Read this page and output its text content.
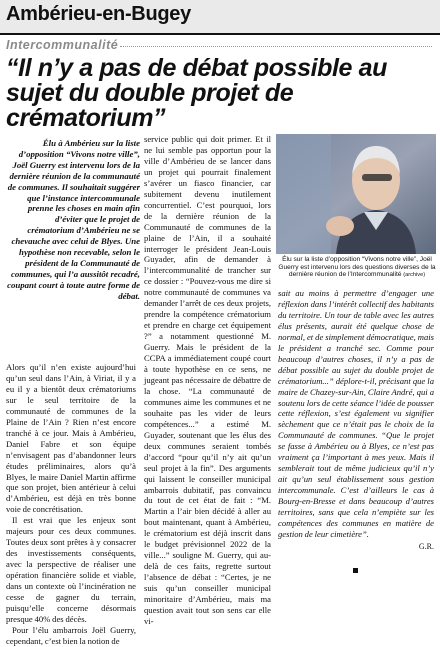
Ambérieu-en-Bugey
Intercommunalité
“Il n’y a pas de débat possible au sujet du double projet de crématorium”
Élu à Ambérieu sur la liste d’opposition “Vivons notre ville”, Joël Guerry est intervenu lors de la dernière réunion de la communauté de communes. Il souhaitait suggérer que l’instance intercommunale prenne les choses en main afin d’éviter que le projet de crématorium d’Ambérieu ne se chevauche avec celui de Blyes. Une hypothèse non recevable, selon le président de la Communauté de communes, qui l’a aussitôt recadré, coupant court à toute autre forme de débat.
Élu sur la liste d’opposition “Vivons notre ville”, Joël Guerry est intervenu lors des questions diverses de la dernière réunion de l’Intercommunalité (archive)

Alors qu’il n’en existe aujourd’hui qu’un seul dans l’Ain, à Viriat, il y a eu il y a bientôt deux crématoriums sur le seul territoire de la communauté de communes de la Plaine de l’Ain ? Rien n’est encore tranché à ce jour. Mais à Ambérieu, Daniel Fabre et son équipe n’envisagent pas d’abandonner leurs études préliminaires, alors qu’à Blyes, le maire Daniel Martin affirme que son projet, bien antérieur à celui d’Ambérieu, est déjà en très bonne voie de concrétisation.

Il est vrai que les enjeux sont majeurs pour ces deux communes. Toutes deux sont prêtes à y consacrer des investissements conséquents, avec la perspective de réaliser une opération financière solide et viable, dans un contexte où l’incinération ne cesse de gagner du terrain, puisqu’elle concerne désormais presque 40% des décès.

Pour l’élu ambarrois Joël Guerry, cependant, c’est bien la notion de

service public qui doit primer. Et il ne lui semble pas opportun pour la ville d’Ambérieu de se lancer dans un projet qui pourrait finalement s’avérer un fiasco financier, car subitement devenu inutilement concurrentiel. C’est pourquoi, lors de la dernière réunion de la Communauté de communes de la plaine de l’Ain, il a souhaité interroger le président Jean-Louis Guyader, afin de demander à l’intercommunalité de trancher sur ce dossier : “Pouvez-vous me dire si notre communauté de communes va demander l’arrêt de ces deux projets, prendre la compétence crématorium et prendre en charge cet équipement ?” a notamment questionné M. Guerry. Mais le président de la CCPA a immédiatement coupé court à toute hypothèse en ce sens, ne jugeant pas nécessaire de débattre de la chose. “La communauté de communes aime les communes et ne souhaite pas les vider de leurs compétences...” a estimé M. Guyader, soutenant que les élus des deux communes seraient tombés d’accord “pour qu’il n’y ait qu’un seul projet à la fin”. Des arguments qui laissent le conseiller municipal ambarrois dubitatif, pas convaincu du tout de cet état de fait : “M. Martin a l’air bien décidé à aller au bout maintenant, quant à Ambérieu, le crématorium est déjà inscrit dans le budget prévisionnel 2022 de la ville...” souligne M. Guerry, qui au-delà de ces faits, regrette surtout l’absence de débat : “Certes, je ne suis qu’un conseiller municipal minoritaire d’Ambérieu, mais ma question avait tout son sens car elle vi-

sait au moins à permettre d’engager une réflexion dans l’intérêt collectif des habitants du territoire. Un tour de table avec les autres élus présents, aurait été quelque chose de normal, et de simplement démocratique, mais le président a tranché sec. Comme pour beaucoup d’autres choses, il n’y a pas de débat possible au sujet du double projet de crématorium...” déplore-t-il, précisant que la maire de Chazey-sur-Ain, Claire André, qui a soutenu lors de cette séance l’idée de pousser cette réflexion, s’est également vu signifier sèchement que ce n’était pas le choix de la Communauté de communes. “Que le projet se fasse à Ambérieu ou à Blyes, ce n’est pas vraiment ça l’important à mes yeux. Mais il semblerait tout de même judicieux qu’il n’y ait qu’un seul établissement sous gestion intercommunale. C’est d’ailleurs le cas à Bourg-en-Bresse et dans beaucoup d’autres territoires, sans que cela n’empiète sur les compétences des communes en matière de gestion de leur cimetière”.

G.R.
